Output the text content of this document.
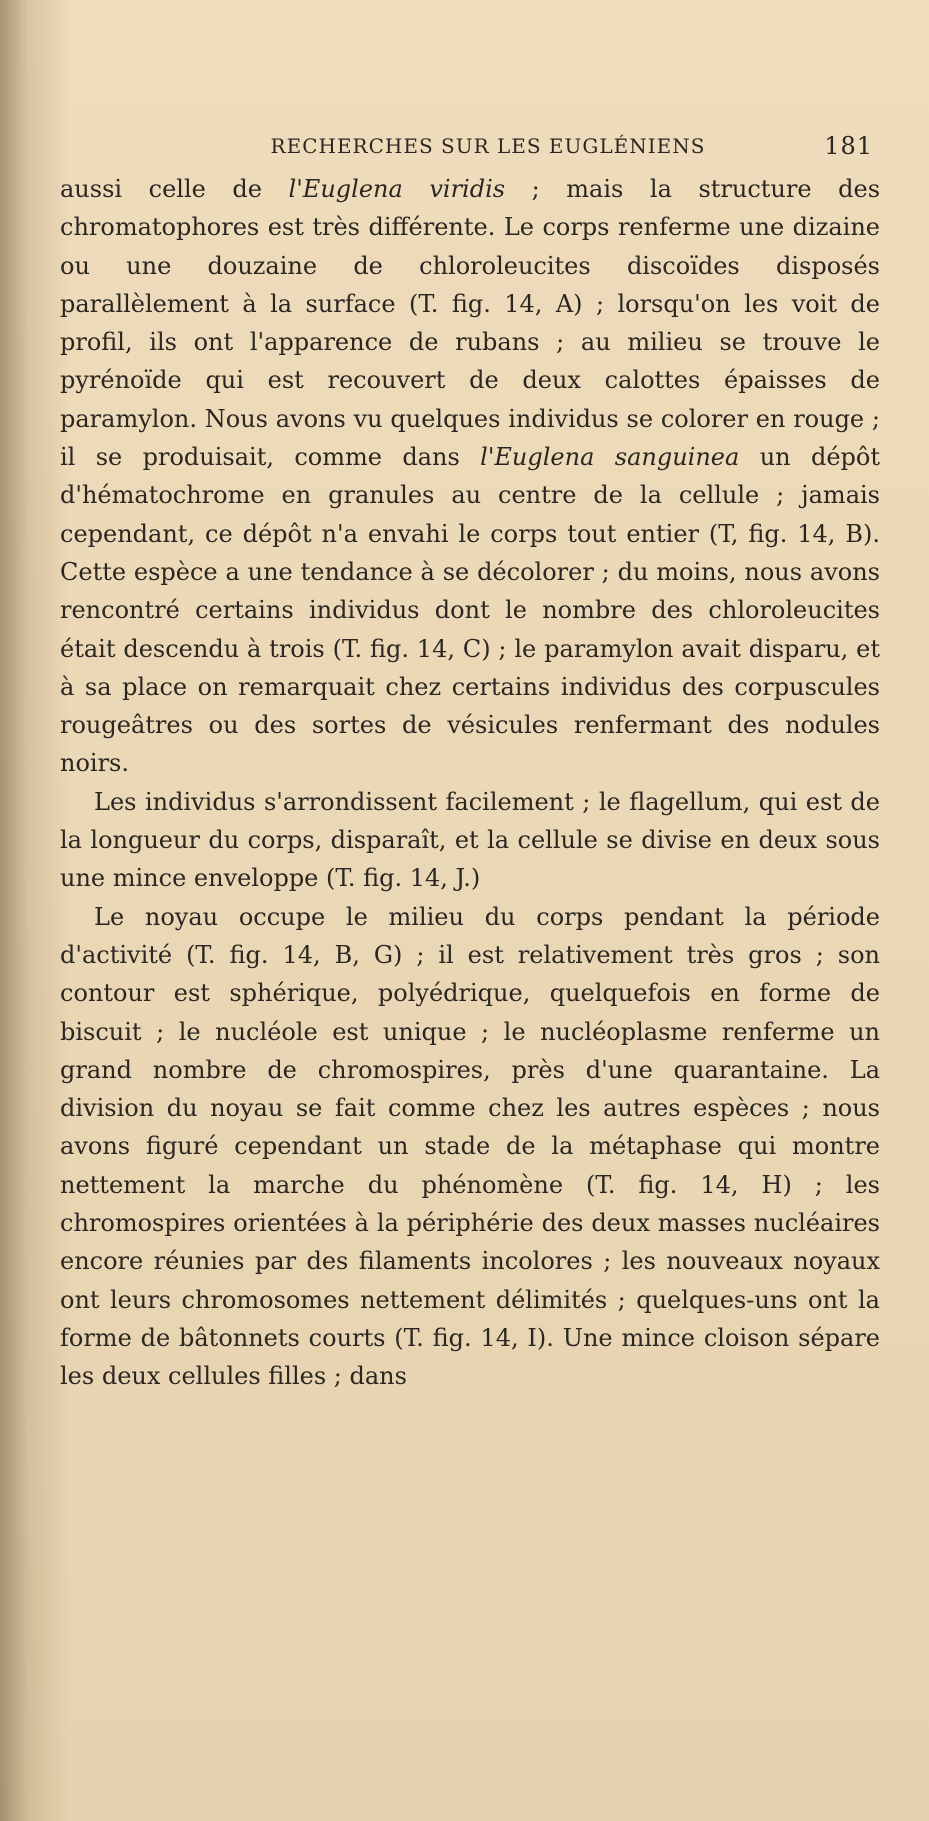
RECHERCHES SUR LES EUGLÉNIENS	181

aussi celle de l'Euglena viridis ; mais la structure des chromatophores est très différente. Le corps renferme une dizaine ou une douzaine de chloroleucites discoïdes disposés parallèlement à la surface (T. fig. 14, A) ; lorsqu'on les voit de profil, ils ont l'apparence de rubans ; au milieu se trouve le pyrénoïde qui est recouvert de deux calottes épaisses de paramylon. Nous avons vu quelques individus se colorer en rouge ; il se produisait, comme dans l'Euglena sanguinea un dépôt d'hématochrome en granules au centre de la cellule ; jamais cependant, ce dépôt n'a envahi le corps tout entier (T, fig. 14, B). Cette espèce a une tendance à se décolorer ; du moins, nous avons rencontré certains individus dont le nombre des chloroleucites était descendu à trois (T. fig. 14, C) ; le paramylon avait disparu, et à sa place on remarquait chez certains individus des corpuscules rougeâtres ou des sortes de vésicules renfermant des nodules noirs.

Les individus s'arrondissent facilement ; le flagellum, qui est de la longueur du corps, disparaît, et la cellule se divise en deux sous une mince enveloppe (T. fig. 14, J.)

Le noyau occupe le milieu du corps pendant la période d'activité (T. fig. 14, B, G) ; il est relativement très gros ; son contour est sphérique, polyédrique, quelquefois en forme de biscuit ; le nucléole est unique ; le nucléoplasme renferme un grand nombre de chromospires, près d'une quarantaine. La division du noyau se fait comme chez les autres espèces ; nous avons figuré cependant un stade de la métaphase qui montre nettement la marche du phénomène (T. fig. 14, H) ; les chromospires orientées à la périphérie des deux masses nucléaires encore réunies par des filaments incolores ; les nouveaux noyaux ont leurs chromosomes nettement délimités ; quelques-uns ont la forme de bâtonnets courts (T. fig. 14, I). Une mince cloison sépare les deux cellules filles ; dans
